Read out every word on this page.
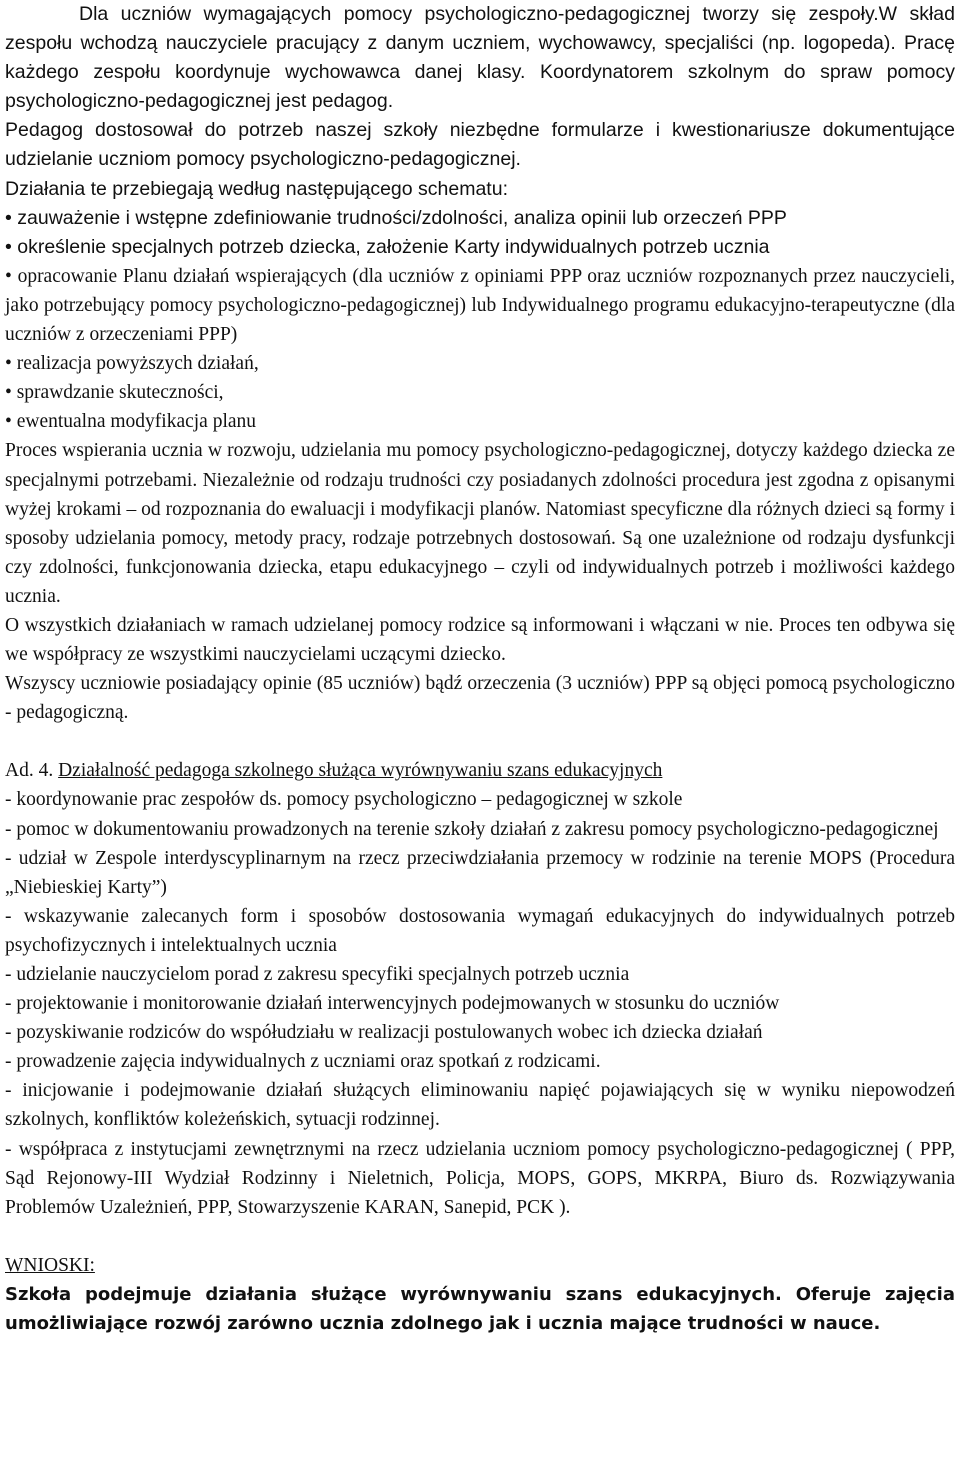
Dla uczniów wymagających pomocy psychologiczno-pedagogicznej tworzy się zespoły.W skład zespołu wchodzą nauczyciele pracujący z danym uczniem, wychowawcy, specjaliści (np. logopeda). Pracę każdego zespołu koordynuje wychowawca danej klasy. Koordynatorem szkolnym do spraw pomocy psychologiczno-pedagogicznej jest pedagog.

Pedagog dostosował do potrzeb naszej szkoły niezbędne formularze i kwestionariusze dokumentujące udzielanie uczniom pomocy psychologiczno-pedagogicznej.

Działania te przebiegają według następującego schematu:

• zauważenie i wstępne zdefiniowanie trudności/zdolności, analiza opinii lub orzeczeń PPP

• określenie specjalnych potrzeb dziecka, założenie Karty indywidualnych potrzeb ucznia

• opracowanie Planu działań wspierających (dla uczniów z opiniami PPP oraz uczniów rozpoznanych przez nauczycieli, jako potrzebujący pomocy psychologiczno-pedagogicznej) lub Indywidualnego programu edukacyjno-terapeutyczne (dla uczniów z orzeczeniami PPP)

• realizacja powyższych działań,

• sprawdzanie skuteczności,

• ewentualna modyfikacja planu

Proces wspierania ucznia w rozwoju, udzielania mu pomocy psychologiczno-pedagogicznej, dotyczy każdego dziecka ze specjalnymi potrzebami. Niezależnie od rodzaju trudności czy posiadanych zdolności procedura jest zgodna z opisanymi wyżej krokami – od rozpoznania do ewaluacji i modyfikacji planów. Natomiast specyficzne dla różnych dzieci są formy i sposoby udzielania pomocy, metody pracy, rodzaje potrzebnych dostosowań. Są one uzależnione od rodzaju dysfunkcji czy zdolności, funkcjonowania dziecka, etapu edukacyjnego – czyli od indywidualnych potrzeb i możliwości każdego ucznia.

O wszystkich działaniach w ramach udzielanej pomocy rodzice są informowani i włączani w nie. Proces ten odbywa się we współpracy ze wszystkimi nauczycielami uczącymi dziecko.

Wszyscy uczniowie posiadający opinie (85 uczniów) bądź orzeczenia (3 uczniów) PPP są objęci pomocą psychologiczno - pedagogiczną.

Ad. 4. Działalność pedagoga szkolnego służąca wyrównywaniu szans edukacyjnych

- koordynowanie prac zespołów ds. pomocy psychologiczno – pedagogicznej w szkole

- pomoc w dokumentowaniu prowadzonych na terenie szkoły działań z zakresu pomocy psychologiczno-pedagogicznej

- udział w Zespole interdyscyplinarnym na rzecz przeciwdziałania przemocy w rodzinie na terenie MOPS (Procedura „Niebieskiej Karty”)

- wskazywanie zalecanych form i sposobów dostosowania wymagań edukacyjnych do indywidualnych potrzeb psychofizycznych i intelektualnych ucznia

- udzielanie nauczycielom porad z zakresu specyfiki specjalnych potrzeb ucznia

- projektowanie i monitorowanie działań interwencyjnych podejmowanych w stosunku do uczniów

- pozyskiwanie rodziców do współudziału w realizacji postulowanych wobec ich dziecka działań

- prowadzenie zajęcia indywidualnych z uczniami oraz spotkań z rodzicami.

- inicjowanie i podejmowanie działań służących eliminowaniu napięć pojawiających się w wyniku niepowodzeń szkolnych, konfliktów koleżeńskich, sytuacji rodzinnej.

- współpraca z instytucjami zewnętrznymi na rzecz udzielania uczniom pomocy psychologiczno-pedagogicznej ( PPP, Sąd Rejonowy-III Wydział Rodzinny i Nieletnich, Policja, MOPS, GOPS, MKRPA, Biuro ds. Rozwiązywania Problemów Uzależnień, PPP, Stowarzyszenie KARAN, Sanepid, PCK ).

WNIOSKI:

Szkoła podejmuje działania służące wyrównywaniu szans edukacyjnych. Oferuje zajęcia umożliwiające rozwój zarówno ucznia zdolnego jak i ucznia mające trudności w nauce.
